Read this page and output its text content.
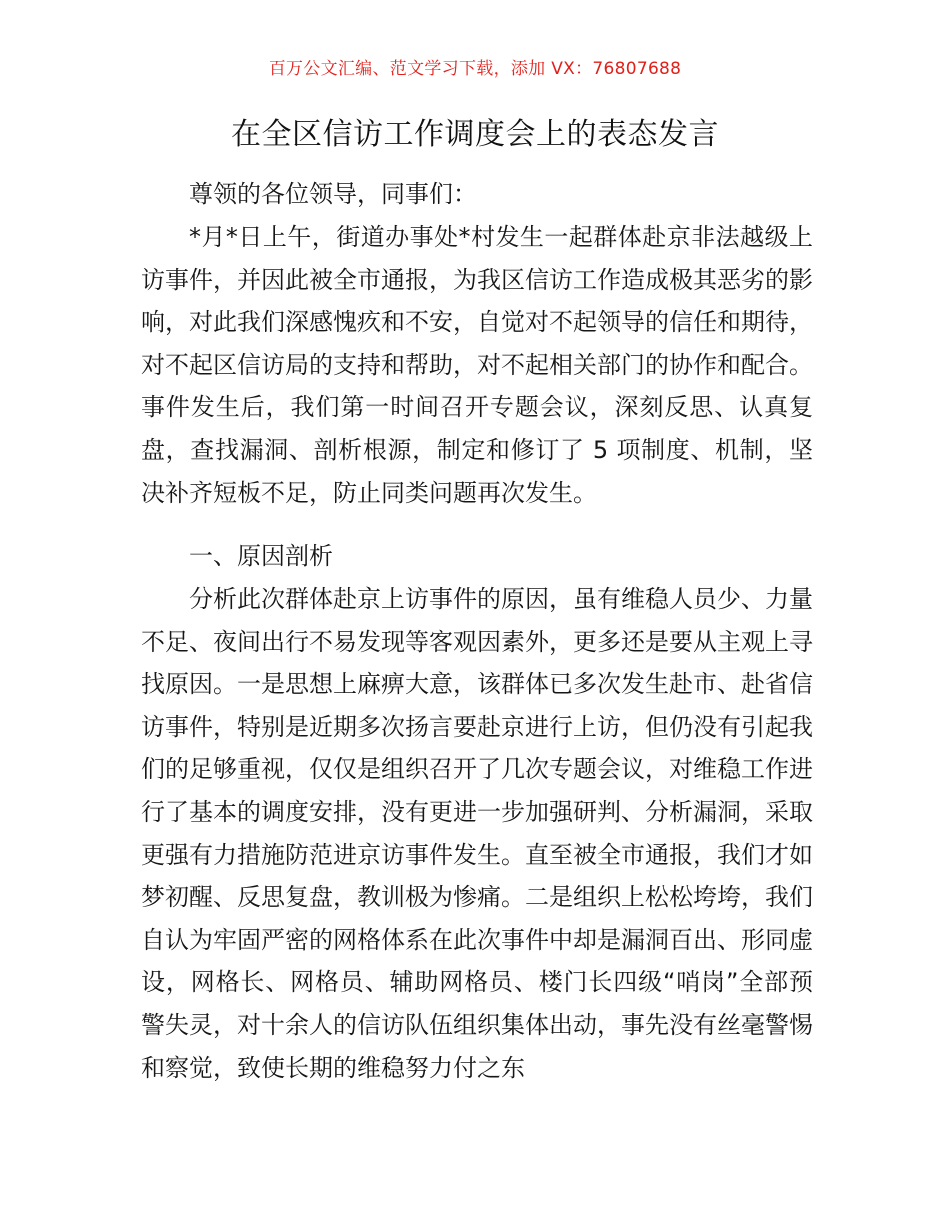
百万公文汇编、范文学习下载，添加 VX：76807688
在全区信访工作调度会上的表态发言
尊领的各位领导，同事们：

*月*日上午，街道办事处*村发生一起群体赴京非法越级上访事件，并因此被全市通报，为我区信访工作造成极其恶劣的影响，对此我们深感愧疚和不安，自觉对不起领导的信任和期待，对不起区信访局的支持和帮助，对不起相关部门的协作和配合。事件发生后，我们第一时间召开专题会议，深刻反思、认真复盘，查找漏洞、剖析根源，制定和修订了 5 项制度、机制，坚决补齐短板不足，防止同类问题再次发生。

一、原因剖析

分析此次群体赴京上访事件的原因，虽有维稳人员少、力量不足、夜间出行不易发现等客观因素外，更多还是要从主观上寻找原因。一是思想上麻痹大意，该群体已多次发生赴市、赴省信访事件，特别是近期多次扬言要赴京进行上访，但仍没有引起我们的足够重视，仅仅是组织召开了几次专题会议，对维稳工作进行了基本的调度安排，没有更进一步加强研判、分析漏洞，采取更强有力措施防范进京访事件发生。直至被全市通报，我们才如梦初醒、反思复盘，教训极为惨痛。二是组织上松松垮垮，我们自认为牢固严密的网格体系在此次事件中却是漏洞百出、形同虚设，网格长、网格员、辅助网格员、楼门长四级“哨岗”全部预警失灵，对十余人的信访队伍组织集体出动，事先没有丝毫警惕和察觉，致使长期的维稳努力付之东
